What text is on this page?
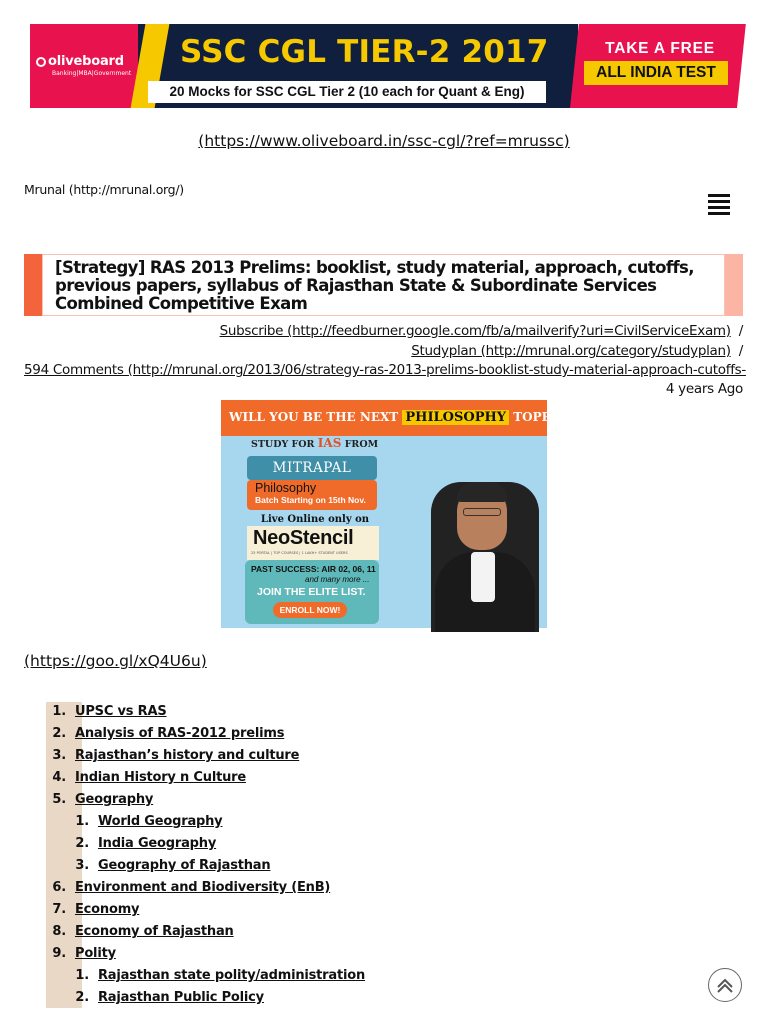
oliveboard
Banking|MBA|Government
SSC CGL TIER-2 2017
20 Mocks for SSC CGL Tier 2 (10 each for Quant & Eng)
TAKE A FREE
ALL INDIA TEST
(https://www.oliveboard.in/ssc-cgl/?ref=mrussc)
Mrunal (http://mrunal.org/)
[Strategy] RAS 2013 Prelims: booklist, study material, approach, cutoffs, previous papers, syllabus of Rajasthan State & Subordinate Services Combined Competitive Exam
Subscribe (http://feedburner.google.com/fb/a/mailverify?uri=CivilServiceExam) /
Studyplan (http://mrunal.org/category/studyplan) /
594 Comments (http://mrunal.org/2013/06/strategy-ras-2013-prelims-booklist-study-material-approach-cutoffs-
4 years Ago
WILL YOU BE THE NEXT PHILOSOPHY TOPPER?
STUDY FOR IAS FROM
MITRAPAL
Philosophy
Batch Starting on 15th Nov.
Live Online only on
NeoStencil
25 PORTAL | TOP COURSES | 1 LAKH+ STUDENT USERS
PAST SUCCESS: AIR 02, 06, 11
and many more ...
JOIN THE ELITE LIST.
ENROLL NOW!
(https://goo.gl/xQ4U6u)
1. UPSC vs RAS
2. Analysis of RAS-2012 prelims
3. Rajasthan’s history and culture
4. Indian History n Culture
5. Geography
1. World Geography
2. India Geography
3. Geography of Rajasthan
6. Environment and Biodiversity (EnB)
7. Economy
8. Economy of Rajasthan
9. Polity
1. Rajasthan state polity/administration
2. Rajasthan Public Policy
